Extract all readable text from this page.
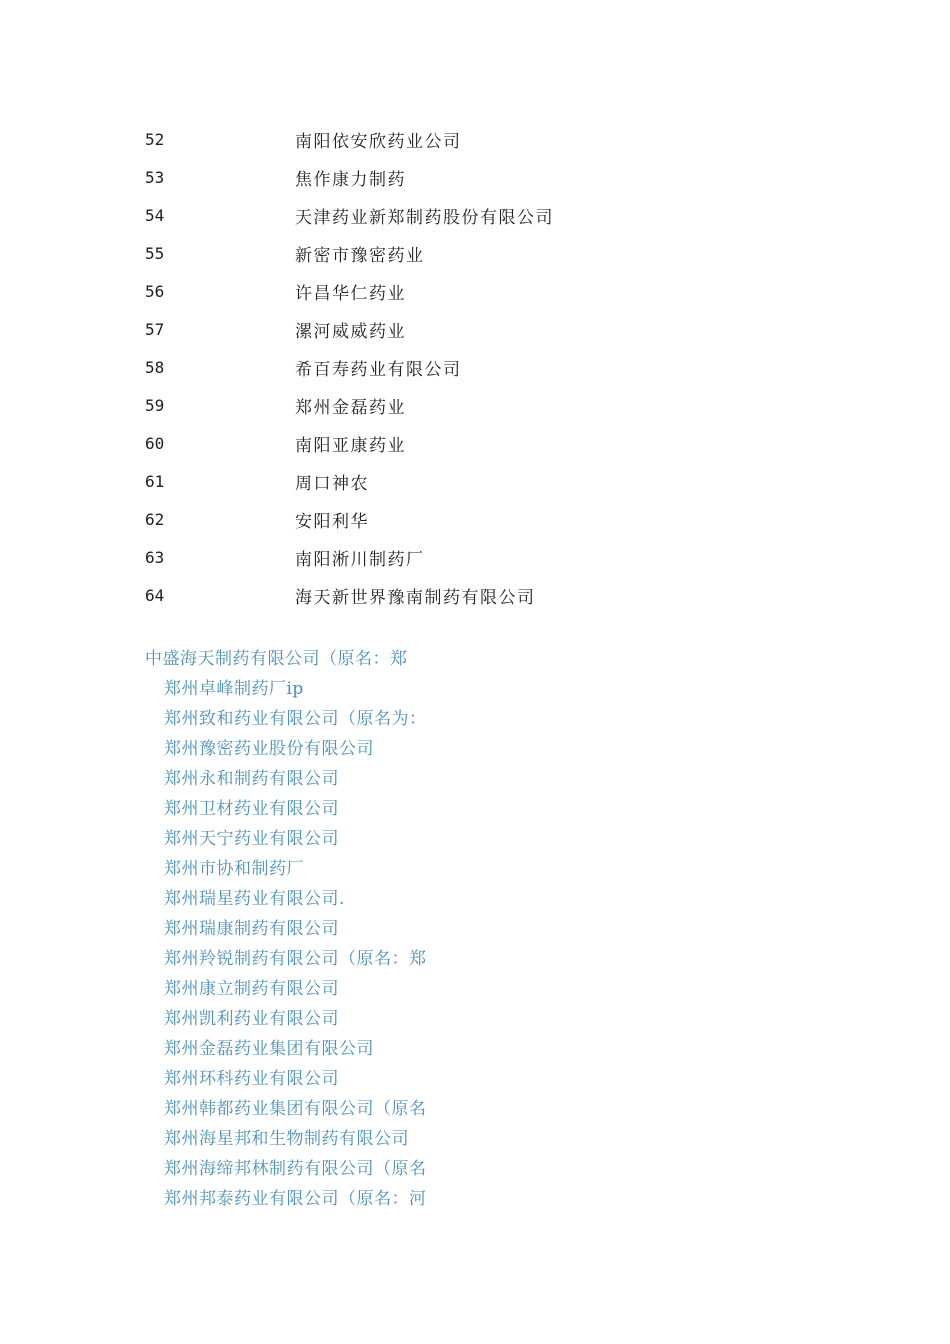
52	南阳依安欣药业公司
53	焦作康力制药
54	天津药业新郑制药股份有限公司
55	新密市豫密药业
56	许昌华仁药业
57	漯河威威药业
58	希百寿药业有限公司
59	郑州金磊药业
60	南阳亚康药业
61	周口神农
62	安阳利华
63	南阳淅川制药厂
64	海天新世界豫南制药有限公司
中盛海天制药有限公司（原名：郑
郑州卓峰制药厂ip
郑州致和药业有限公司（原名为：
郑州豫密药业股份有限公司
郑州永和制药有限公司
郑州卫材药业有限公司
郑州天宁药业有限公司
郑州市协和制药厂
郑州瑞星药业有限公司.
郑州瑞康制药有限公司
郑州羚锐制药有限公司（原名：郑
郑州康立制药有限公司
郑州凯利药业有限公司
郑州金磊药业集团有限公司
郑州环科药业有限公司
郑州韩都药业集团有限公司（原名
郑州海星邦和生物制药有限公司
郑州海缔邦林制药有限公司（原名
郑州邦泰药业有限公司（原名：河
